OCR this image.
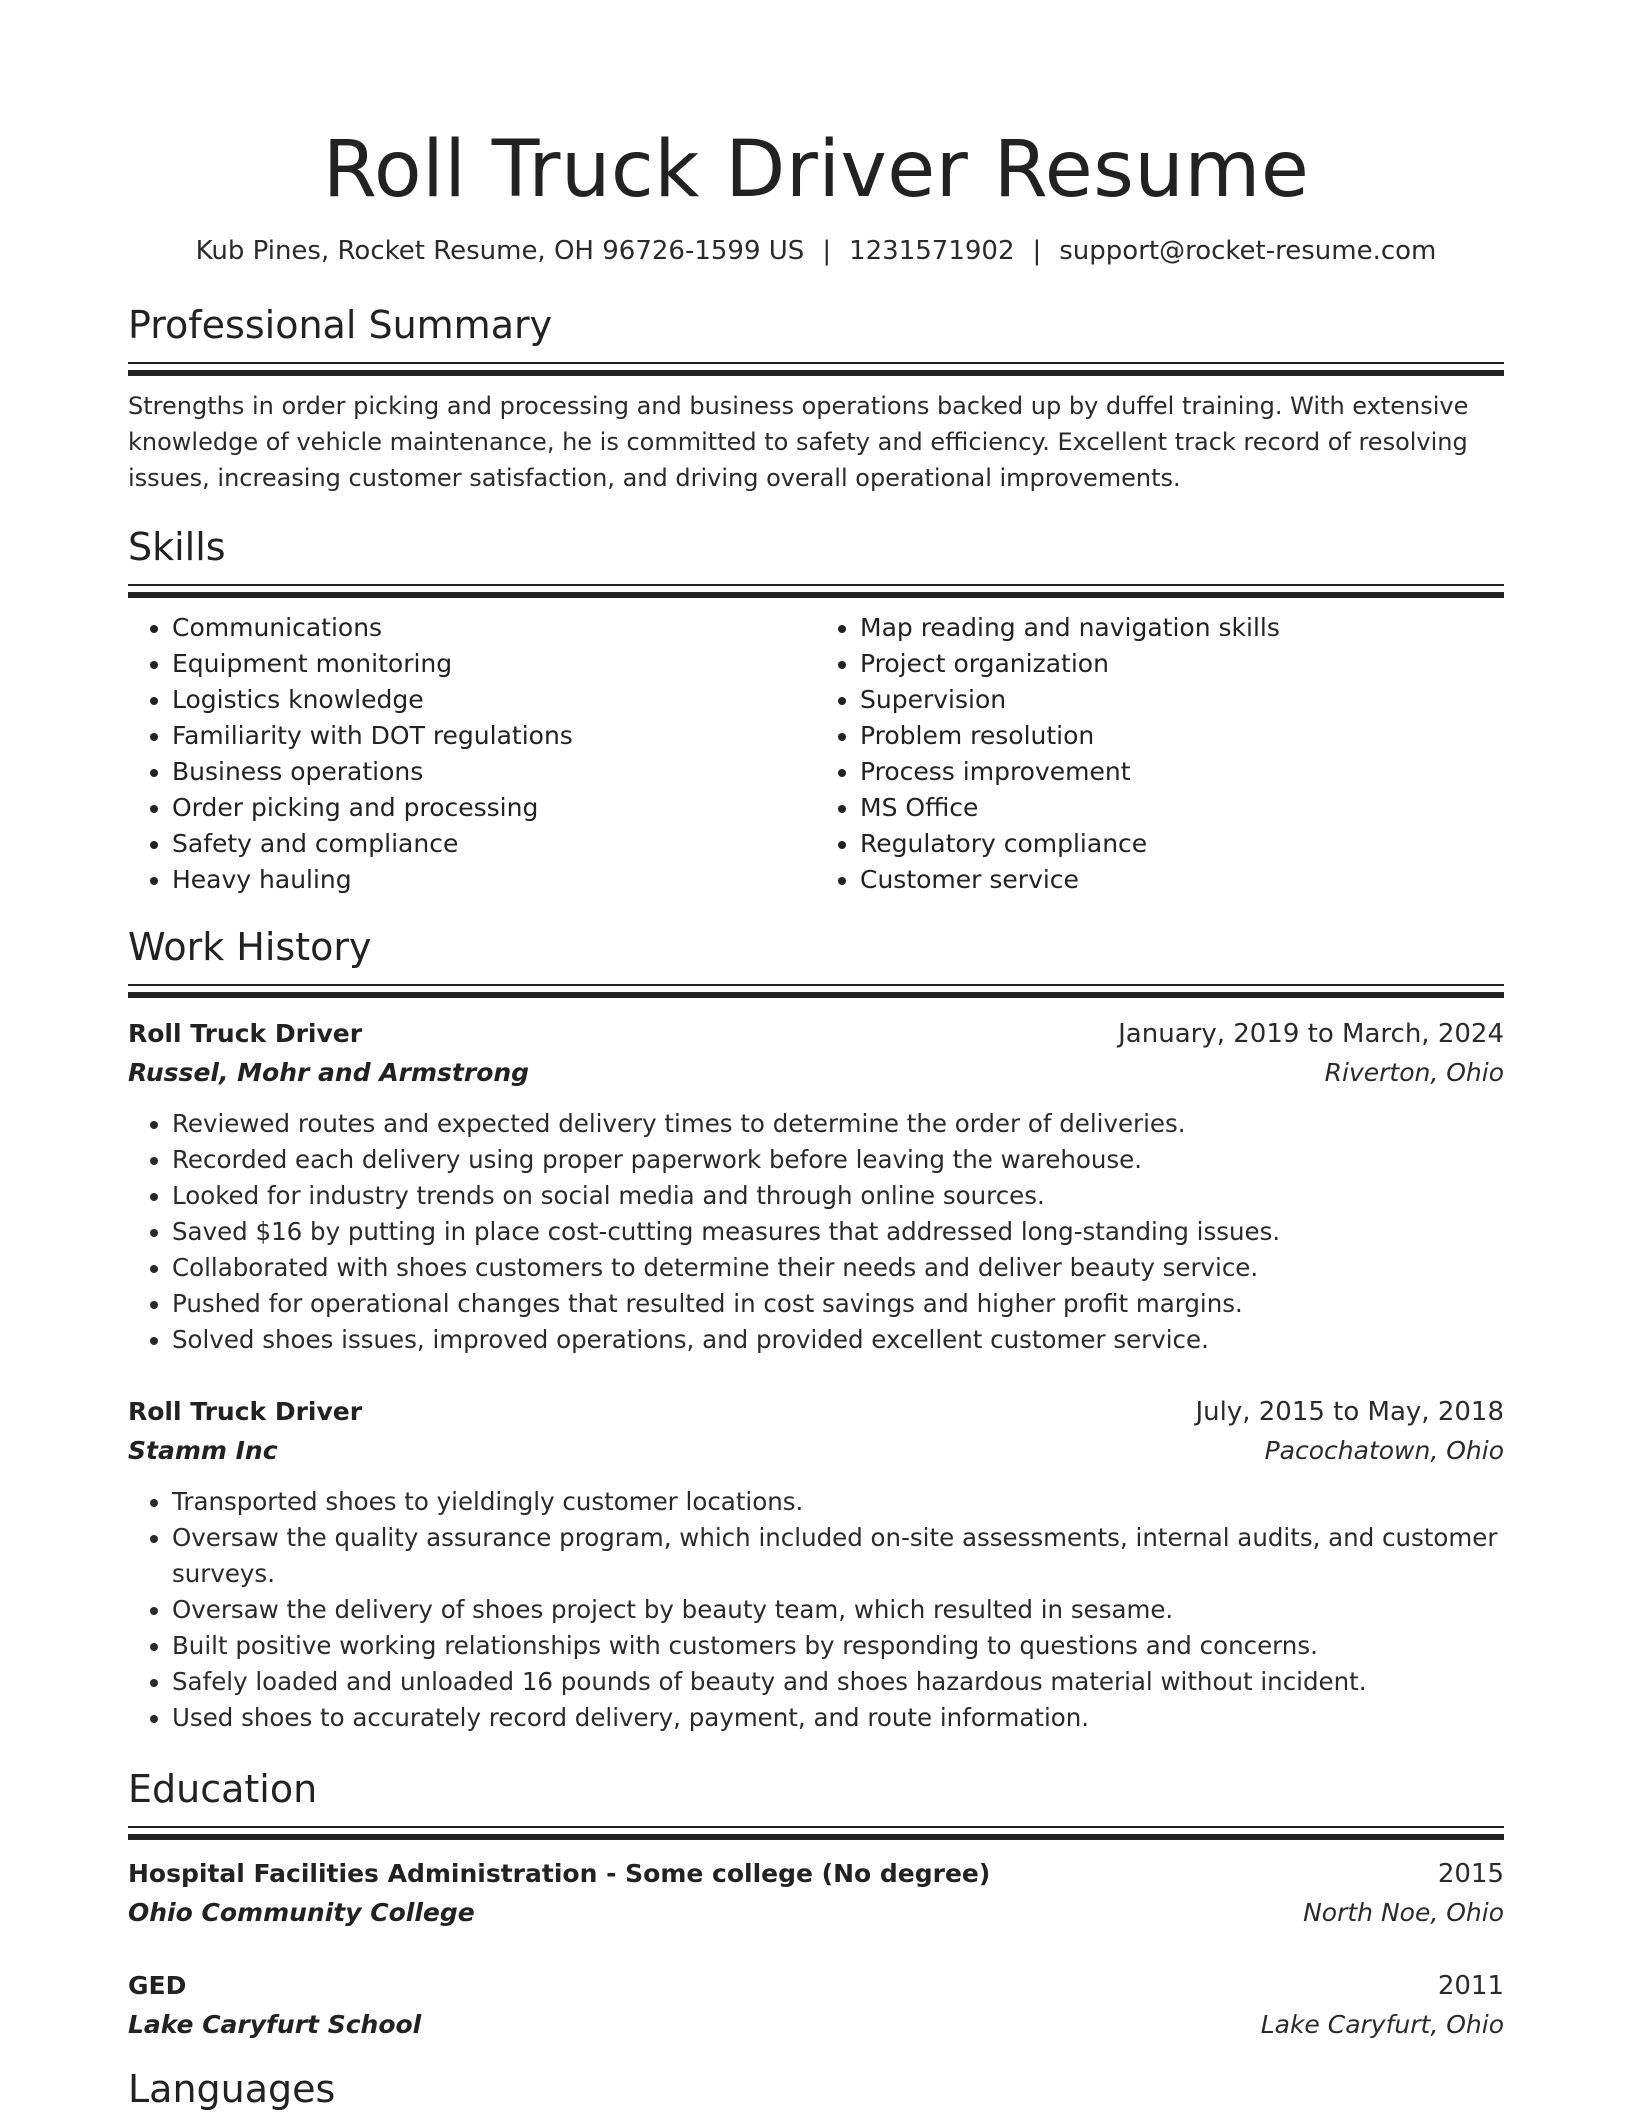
Roll Truck Driver Resume
Kub Pines, Rocket Resume, OH 96726-1599 US | 1231571902 | support@rocket-resume.com
Professional Summary
Strengths in order picking and processing and business operations backed up by duffel training. With extensive knowledge of vehicle maintenance, he is committed to safety and efficiency. Excellent track record of resolving issues, increasing customer satisfaction, and driving overall operational improvements.
Skills
• Communications
• Equipment monitoring
• Logistics knowledge
• Familiarity with DOT regulations
• Business operations
• Order picking and processing
• Safety and compliance
• Heavy hauling
• Map reading and navigation skills
• Project organization
• Supervision
• Problem resolution
• Process improvement
• MS Office
• Regulatory compliance
• Customer service
Work History
Roll Truck Driver	January, 2019 to March, 2024
Russel, Mohr and Armstrong	Riverton, Ohio
• Reviewed routes and expected delivery times to determine the order of deliveries.
• Recorded each delivery using proper paperwork before leaving the warehouse.
• Looked for industry trends on social media and through online sources.
• Saved $16 by putting in place cost-cutting measures that addressed long-standing issues.
• Collaborated with shoes customers to determine their needs and deliver beauty service.
• Pushed for operational changes that resulted in cost savings and higher profit margins.
• Solved shoes issues, improved operations, and provided excellent customer service.
Roll Truck Driver	July, 2015 to May, 2018
Stamm Inc	Pacochatown, Ohio
• Transported shoes to yieldingly customer locations.
• Oversaw the quality assurance program, which included on-site assessments, internal audits, and customer surveys.
• Oversaw the delivery of shoes project by beauty team, which resulted in sesame.
• Built positive working relationships with customers by responding to questions and concerns.
• Safely loaded and unloaded 16 pounds of beauty and shoes hazardous material without incident.
• Used shoes to accurately record delivery, payment, and route information.
Education
Hospital Facilities Administration - Some college (No degree)	2015
Ohio Community College	North Noe, Ohio
GED	2011
Lake Caryfurt School	Lake Caryfurt, Ohio
Languages
